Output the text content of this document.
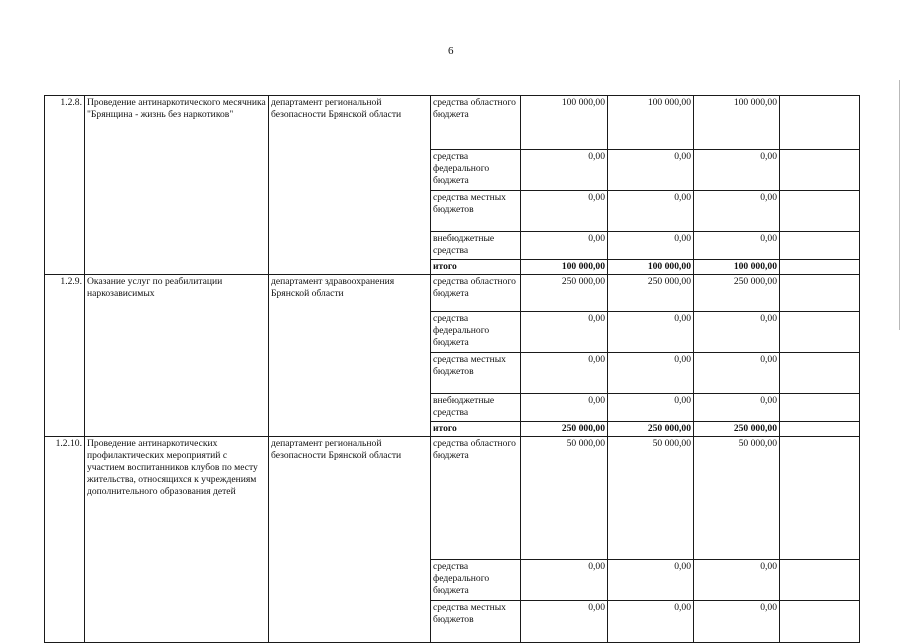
6
1.2.8.	Проведение антинаркотического месячника "Брянщина - жизнь без наркотиков"	департамент региональной безопасности Брянской области	средства областного бюджета	100 000,00	100 000,00	100 000,00	
			средства федерального бюджета	0,00	0,00	0,00	
			средства местных бюджетов	0,00	0,00	0,00	
			внебюджетные средства	0,00	0,00	0,00	
			итого	100 000,00	100 000,00	100 000,00	
1.2.9.	Оказание услуг по реабилитации наркозависимых	департамент здравоохранения Брянской области	средства областного бюджета	250 000,00	250 000,00	250 000,00	
			средства федерального бюджета	0,00	0,00	0,00	
			средства местных бюджетов	0,00	0,00	0,00	
			внебюджетные средства	0,00	0,00	0,00	
			итого	250 000,00	250 000,00	250 000,00	
1.2.10.	Проведение антинаркотических профилактических мероприятий с участием воспитанников клубов по месту жительства, относящихся к учреждениям дополнительного образования детей	департамент региональной безопасности Брянской области	средства областного бюджета	50 000,00	50 000,00	50 000,00	
			средства федерального бюджета	0,00	0,00	0,00	
			средства местных бюджетов	0,00	0,00	0,00	
